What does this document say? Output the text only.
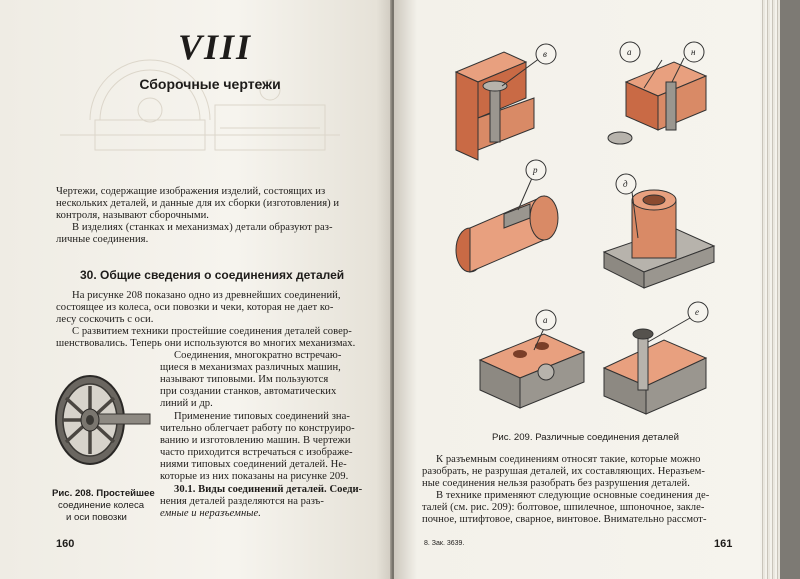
VIII
Сборочные чертежи

Чертежи, содержащие изображения изделий, состоящих из

нескольких деталей, и данные для их сборки (изготовления) и

контроля, называют сборочными.

В изделиях (станках и механизмах) детали образуют раз-

личные соединения.

30. Общие сведения о соединениях деталей

На рисунке 208 показано одно из древнейших соединений,

состоящее из колеса, оси повозки и чеки, которая не дает ко-

лесу соскочить с оси.

С развитием техники простейшие соединения деталей совер-

шенствовались. Теперь они используются во многих механизмах.

Соединения, многократно встречаю-

щиеся в механизмах различных машин,

называют типовыми. Им пользуются

при создании станков, автоматических

линий и др.

Применение типовых соединений зна-

чительно облегчает работу по конструиро-

ванию и изготовлению машин. В чертежи

часто приходится встречаться с изображе-

ниями типовых соединений деталей. Не-

которые из них показаны на рисунке 209.

30.1. Виды соединений деталей. Соеди-

нения деталей разделяются на разъ-

емные и неразъемные.

Рис. 208. Простейшее

соединение колеса

и оси повозки

160

в	а	н
р
д
а
е

Рис. 209. Различные соединения деталей

К разъемным соединениям относят такие, которые можно

разобрать, не разрушая деталей, их составляющих. Неразъем-

ные соединения нельзя разобрать без разрушения деталей.

В технике применяют следующие основные соединения де-

талей (см. рис. 209): болтовое, шпилечное, шпоночное, закле-

почное, штифтовое, сварное, винтовое. Внимательно рассмот-

8. Зак. 3639.	161
